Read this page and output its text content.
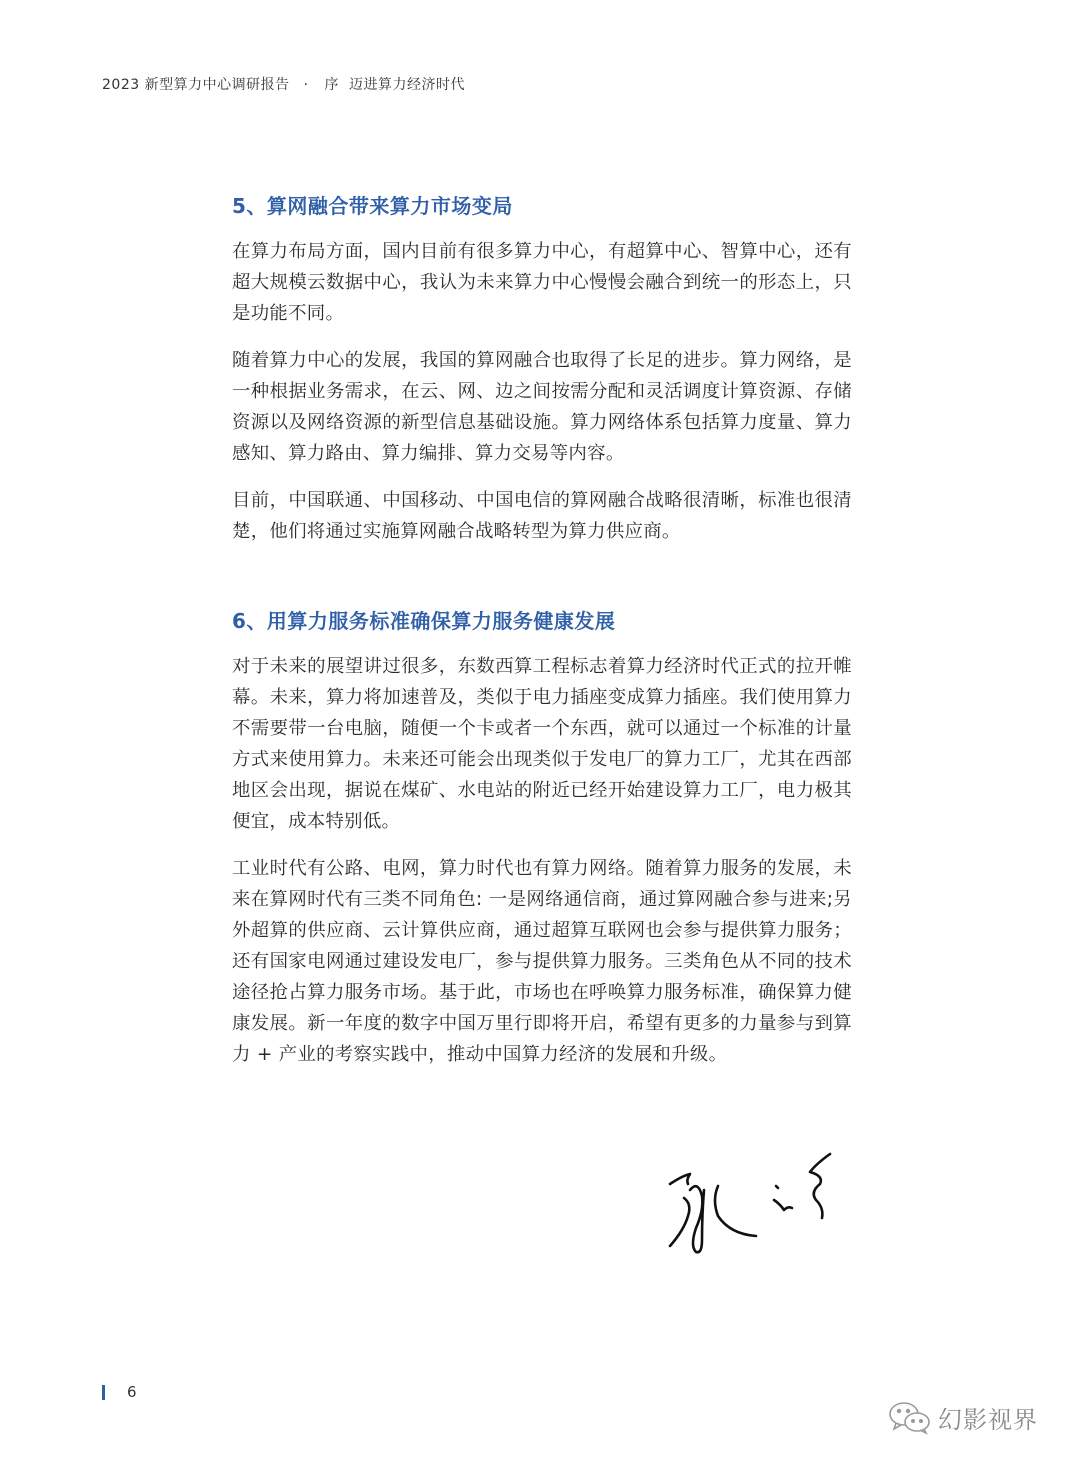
2023 新型算力中心调研报告 · 序  迈进算力经济时代
5、算网融合带来算力市场变局

在算力布局方面，国内目前有很多算力中心，有超算中心、智算中心，还有超大规模云数据中心，我认为未来算力中心慢慢会融合到统一的形态上，只是功能不同。

随着算力中心的发展，我国的算网融合也取得了长足的进步。算力网络，是一种根据业务需求，在云、网、边之间按需分配和灵活调度计算资源、存储资源以及网络资源的新型信息基础设施。算力网络体系包括算力度量、算力感知、算力路由、算力编排、算力交易等内容。

目前，中国联通、中国移动、中国电信的算网融合战略很清晰，标准也很清楚，他们将通过实施算网融合战略转型为算力供应商。

6、用算力服务标准确保算力服务健康发展

对于未来的展望讲过很多，东数西算工程标志着算力经济时代正式的拉开帷幕。未来，算力将加速普及，类似于电力插座变成算力插座。我们使用算力不需要带一台电脑，随便一个卡或者一个东西，就可以通过一个标准的计量方式来使用算力。未来还可能会出现类似于发电厂的算力工厂，尤其在西部地区会出现，据说在煤矿、水电站的附近已经开始建设算力工厂，电力极其便宜，成本特别低。

工业时代有公路、电网，算力时代也有算力网络。随着算力服务的发展，未来在算网时代有三类不同角色: 一是网络通信商，通过算网融合参与进来;另外超算的供应商、云计算供应商，通过超算互联网也会参与提供算力服务；还有国家电网通过建设发电厂，参与提供算力服务。三类角色从不同的技术途径抢占算力服务市场。基于此，市场也在呼唤算力服务标准，确保算力健康发展。新一年度的数字中国万里行即将开启，希望有更多的力量参与到算力 + 产业的考察实践中，推动中国算力经济的发展和升级。

6
幻影视界
